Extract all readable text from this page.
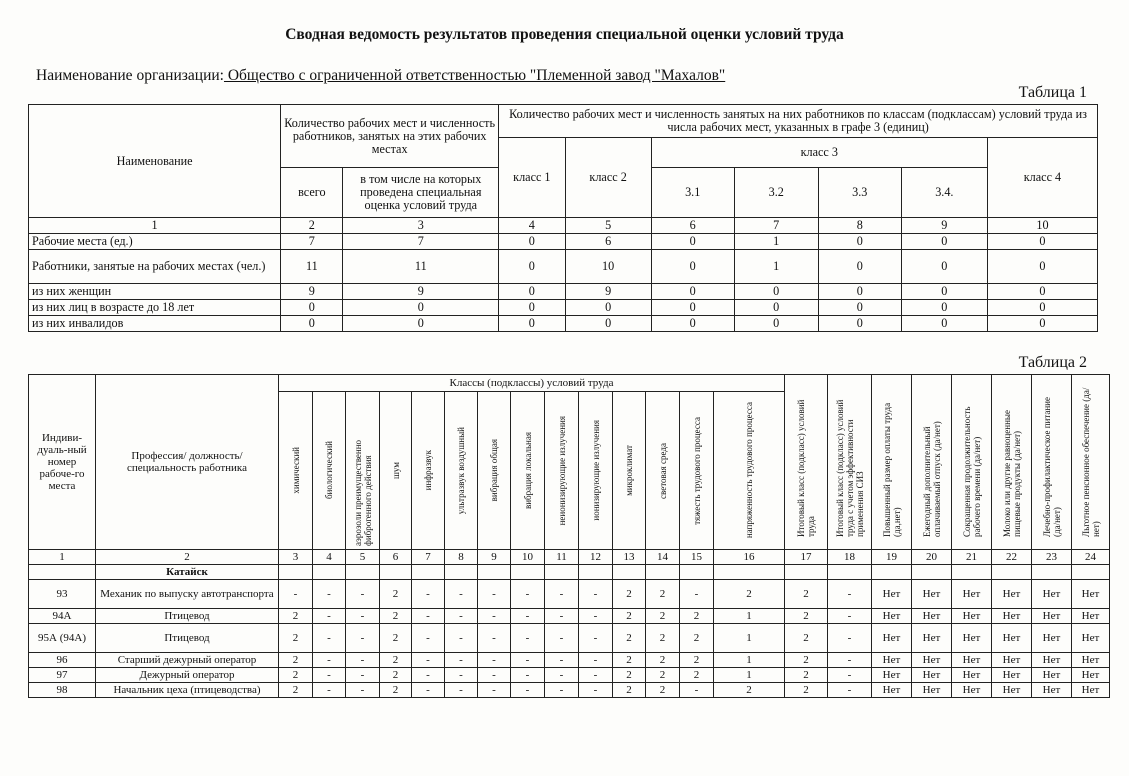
Сводная ведомость результатов проведения специальной оценки условий труда
Наименование организации: Общество с ограниченной ответственностью "Племенной завод "Махалов"
Таблица 1
Наименование	Количество рабочих мест и численность работников, занятых на этих рабочих местах		Количество рабочих мест и численность занятых на них работников по классам (подклассам) условий труда из числа рабочих мест, указанных в графе 3 (единиц)						
			класс 1	класс 2	класс 3				класс 4
	всего	в том числе на которых проведена специальная оценка условий труда			3.1	3.2	3.3	3.4.	
1	2	3	4	5	6	7	8	9	10
Рабочие места (ед.)	7	7	0	6	0	1	0	0	0
Работники, занятые на рабочих местах (чел.)	11	11	0	10	0	1	0	0	0
из них женщин	9	9	0	9	0	0	0	0	0
из них лиц в возрасте до 18 лет	0	0	0	0	0	0	0	0	0
из них инвалидов	0	0	0	0	0	0	0	0	0
Таблица 2
Индиви-дуаль-ный номер рабоче-го места	Профессия/ должность/ специальность работника	Классы (подклассы) условий труда														Итоговый класс (подкласс) условий труда	Итоговый класс (подкласс) условий труда с учетом эффективности применения СИЗ	Повышенный размер оплаты труда (да,нет)	Ежегодный дополнительный оплачиваемый отпуск (да/нет)	Сокращенная продолжительность рабочего времени (да/нет)	Молоко или другие равноценные пищевые продукты (да/нет)	Лечебно-профилактическое питание (да/нет)	Льготное пенсионное обеспечение (да/нет)

		химический	биологический	аэрозоли преимущественно фиброгенного действия	шум	инфразвук	ультразвук воздушный	вибрация общая	вибрация локальная	неионизирующие излучения	ионизирующие излучения	микроклимат	световая среда	тяжесть трудового процесса	напряженность трудового процесса								

1	2	3	4	5	6	7	8	9	10	11	12	13	14	15	16	17	18	19	20	21	22	23	24
	Катайск																						
93	Механик по выпуску автотранспорта	-	-	-	2	-	-	-	-	-	-	2	2	-	2	2	-	Нет	Нет	Нет	Нет	Нет	Нет
94А	Птицевод	2	-	-	2	-	-	-	-	-	-	2	2	2	1	2	-	Нет	Нет	Нет	Нет	Нет	Нет
95А (94А)	Птицевод	2	-	-	2	-	-	-	-	-	-	2	2	2	1	2	-	Нет	Нет	Нет	Нет	Нет	Нет
96	Старший дежурный оператор	2	-	-	2	-	-	-	-	-	-	2	2	2	1	2	-	Нет	Нет	Нет	Нет	Нет	Нет
97	Дежурный оператор	2	-	-	2	-	-	-	-	-	-	2	2	2	1	2	-	Нет	Нет	Нет	Нет	Нет	Нет
98	Начальник цеха (птицеводства)	2	-	-	2	-	-	-	-	-	-	2	2	-	2	2	-	Нет	Нет	Нет	Нет	Нет	Нет
